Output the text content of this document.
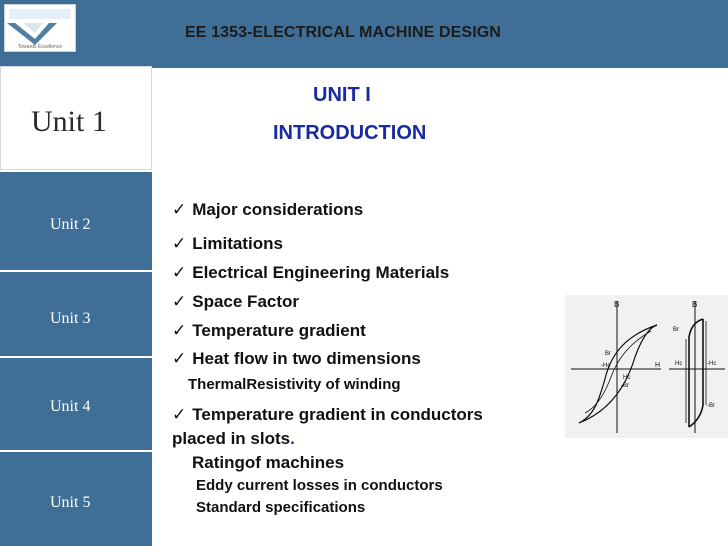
Towards Excellence
EE 1353-ELECTRICAL MACHINE DESIGN
Unit 1
Unit 2
Unit 3
Unit 4
Unit 5
UNIT I
INTRODUCTION
✓ Major considerations
✓ Limitations
✓ Electrical Engineering Materials
✓ Space Factor
✓ Temperature gradient
✓ Heat flow in two dimensions
ThermalResistivity of winding
✓ Temperature gradient in conductors
placed in slots.
Ratingof machines
Eddy current losses in conductors
Standard specifications
B
Br
-Hc
Hc
-Br
H
B
Br
Hc	-Hc
-Br
